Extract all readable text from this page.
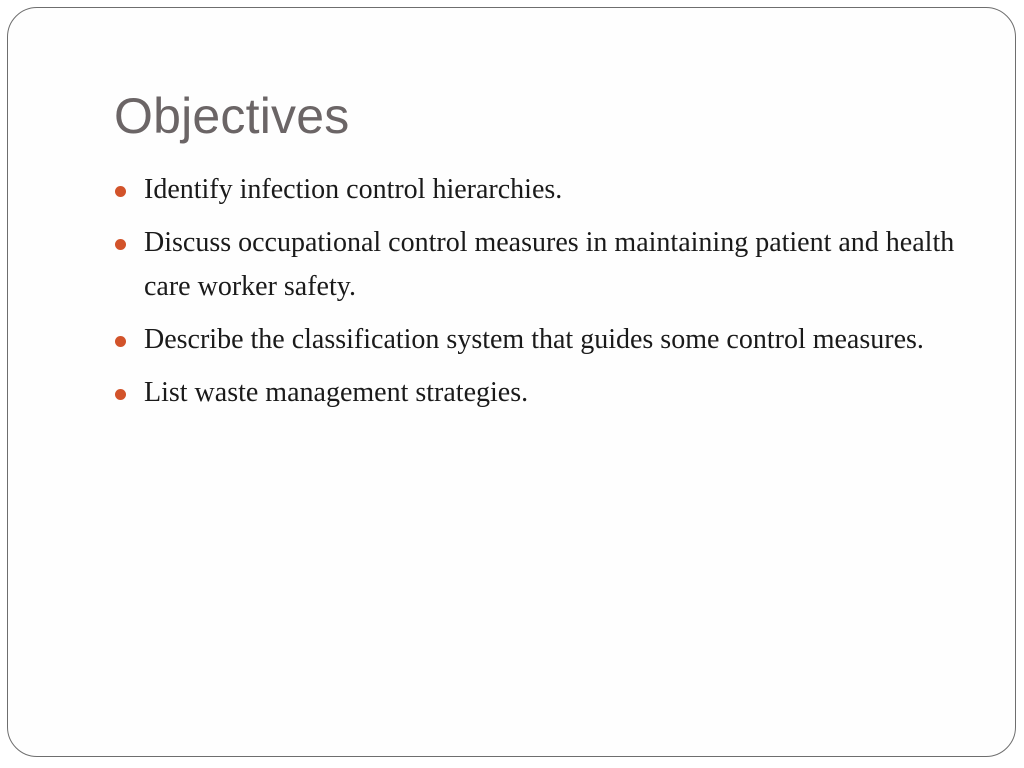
Objectives
Identify infection control hierarchies.
Discuss occupational control measures in maintaining patient and health care worker safety.
Describe the classification system that guides some control measures.
List waste management strategies.
